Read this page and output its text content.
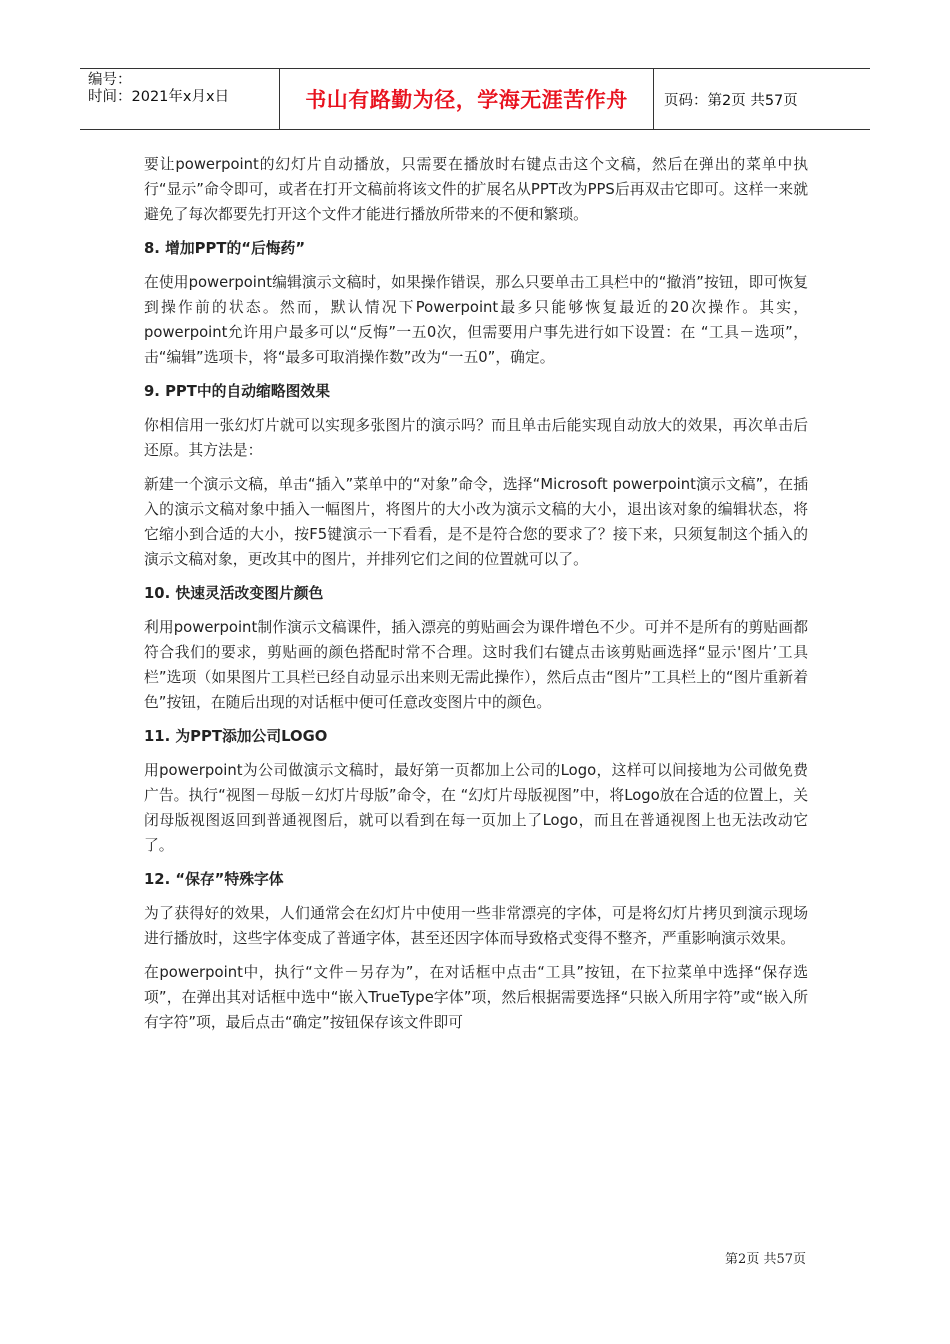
编号：
时间：2021年x月x日	书山有路勤为径，学海无涯苦作舟	页码：第2页 共57页

要让powerpoint的幻灯片自动播放，只需要在播放时右键点击这个文稿，然后在弹出的菜单中执行“显示”命令即可，或者在打开文稿前将该文件的扩展名从PPT改为PPS后再双击它即可。这样一来就避免了每次都要先打开这个文件才能进行播放所带来的不便和繁琐。

8. 增加PPT的“后悔药”

在使用powerpoint编辑演示文稿时，如果操作错误，那么只要单击工具栏中的“撤消”按钮，即可恢复到操作前的状态。然而，默认情况下Powerpoint最多只能够恢复最近的20次操作。其实，powerpoint允许用户最多可以“反悔”一五0次，但需要用户事先进行如下设置：在 “工具－选项”，击“编辑”选项卡，将“最多可取消操作数”改为“一五0”，确定。

9. PPT中的自动缩略图效果

你相信用一张幻灯片就可以实现多张图片的演示吗？而且单击后能实现自动放大的效果，再次单击后还原。其方法是：

新建一个演示文稿，单击“插入”菜单中的“对象”命令，选择“Microsoft powerpoint演示文稿”，在插入的演示文稿对象中插入一幅图片，将图片的大小改为演示文稿的大小，退出该对象的编辑状态，将它缩小到合适的大小，按F5键演示一下看看，是不是符合您的要求了？接下来，只须复制这个插入的演示文稿对象，更改其中的图片，并排列它们之间的位置就可以了。

10. 快速灵活改变图片颜色

利用powerpoint制作演示文稿课件，插入漂亮的剪贴画会为课件增色不少。可并不是所有的剪贴画都符合我们的要求，剪贴画的颜色搭配时常不合理。这时我们右键点击该剪贴画选择“显示'图片’工具栏”选项（如果图片工具栏已经自动显示出来则无需此操作），然后点击“图片”工具栏上的“图片重新着色”按钮，在随后出现的对话框中便可任意改变图片中的颜色。

11. 为PPT添加公司LOGO

用powerpoint为公司做演示文稿时，最好第一页都加上公司的Logo，这样可以间接地为公司做免费广告。执行“视图－母版－幻灯片母版”命令，在 “幻灯片母版视图”中，将Logo放在合适的位置上，关闭母版视图返回到普通视图后，就可以看到在每一页加上了Logo，而且在普通视图上也无法改动它了。

12. “保存”特殊字体

为了获得好的效果，人们通常会在幻灯片中使用一些非常漂亮的字体，可是将幻灯片拷贝到演示现场进行播放时，这些字体变成了普通字体，甚至还因字体而导致格式变得不整齐，严重影响演示效果。

在powerpoint中，执行“文件－另存为”，在对话框中点击“工具”按钮，在下拉菜单中选择“保存选项”，在弹出其对话框中选中“嵌入TrueType字体”项，然后根据需要选择“只嵌入所用字符”或“嵌入所有字符”项，最后点击“确定”按钮保存该文件即可

第2页 共57页
